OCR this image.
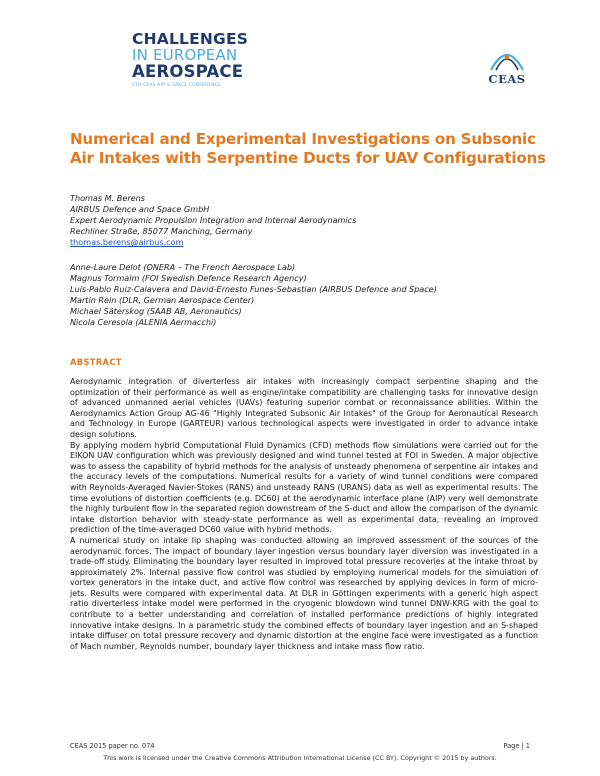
CHALLENGES
IN EUROPEAN
AEROSPACE
5TH CEAS AIR & SPACE CONFERENCE	CEAS
Numerical and Experimental Investigations on Subsonic
Air Intakes with Serpentine Ducts for UAV Configurations
Thomas M. Berens
AIRBUS Defence and Space GmbH
Expert Aerodynamic Propulsion Integration and Internal Aerodynamics
Rechliner Straße, 85077 Manching, Germany
thomas.berens@airbus.com
Anne-Laure Delot (ONERA – The French Aerospace Lab)
Magnus Tormalm (FOI Swedish Defence Research Agency)
Luis-Pablo Ruiz-Calavera and David-Ernesto Funes-Sebastian (AIRBUS Defence and Space)
Martin Rein (DLR, German Aerospace Center)
Michael Säterskog (SAAB AB, Aeronautics)
Nicola Ceresola (ALENIA Aermacchi)
ABSTRACT

Aerodynamic integration of diverterless air intakes with increasingly compact serpentine shaping and the optimization of their performance as well as engine/intake compatibility are challenging tasks for innovative design of advanced unmanned aerial vehicles (UAVs) featuring superior combat or reconnaissance abilities. Within the Aerodynamics Action Group AG-46 "Highly Integrated Subsonic Air Intakes" of the Group for Aeronautical Research and Technology in Europe (GARTEUR) various technological aspects were investigated in order to advance intake design solutions.

By applying modern hybrid Computational Fluid Dynamics (CFD) methods flow simulations were carried out for the EIKON UAV configuration which was previously designed and wind tunnel tested at FOI in Sweden. A major objective was to assess the capability of hybrid methods for the analysis of unsteady phenomena of serpentine air intakes and the accuracy levels of the computations. Numerical results for a variety of wind tunnel conditions were compared with Reynolds-Averaged Navier-Stokes (RANS) and unsteady RANS (URANS) data as well as experimental results. The time evolutions of distortion coefficients (e.g. DC60) at the aerodynamic interface plane (AIP) very well demonstrate the highly turbulent flow in the separated region downstream of the S-duct and allow the comparison of the dynamic intake distortion behavior with steady-state performance as well as experimental data, revealing an improved prediction of the time-averaged DC60 value with hybrid methods.

A numerical study on intake lip shaping was conducted allowing an improved assessment of the sources of the aerodynamic forces. The impact of boundary layer ingestion versus boundary layer diversion was investigated in a trade-off study. Eliminating the boundary layer resulted in improved total pressure recoveries at the intake throat by approximately 2%. Internal passive flow control was studied by employing numerical models for the simulation of vortex generators in the intake duct, and active flow control was researched by applying devices in form of micro-jets. Results were compared with experimental data. At DLR in Göttingen experiments with a generic high aspect ratio diverterless intake model were performed in the cryogenic blowdown wind tunnel DNW-KRG with the goal to contribute to a better understanding and correlation of installed performance predictions of highly integrated innovative intake designs. In a parametric study the combined effects of boundary layer ingestion and an S-shaped intake diffuser on total pressure recovery and dynamic distortion at the engine face were investigated as a function of Mach number, Reynolds number, boundary layer thickness and intake mass flow ratio.

CEAS 2015 paper no. 074	Page | 1
This work is licensed under the Creative Commons Attribution International License (CC BY). Copyright © 2015 by authors.
